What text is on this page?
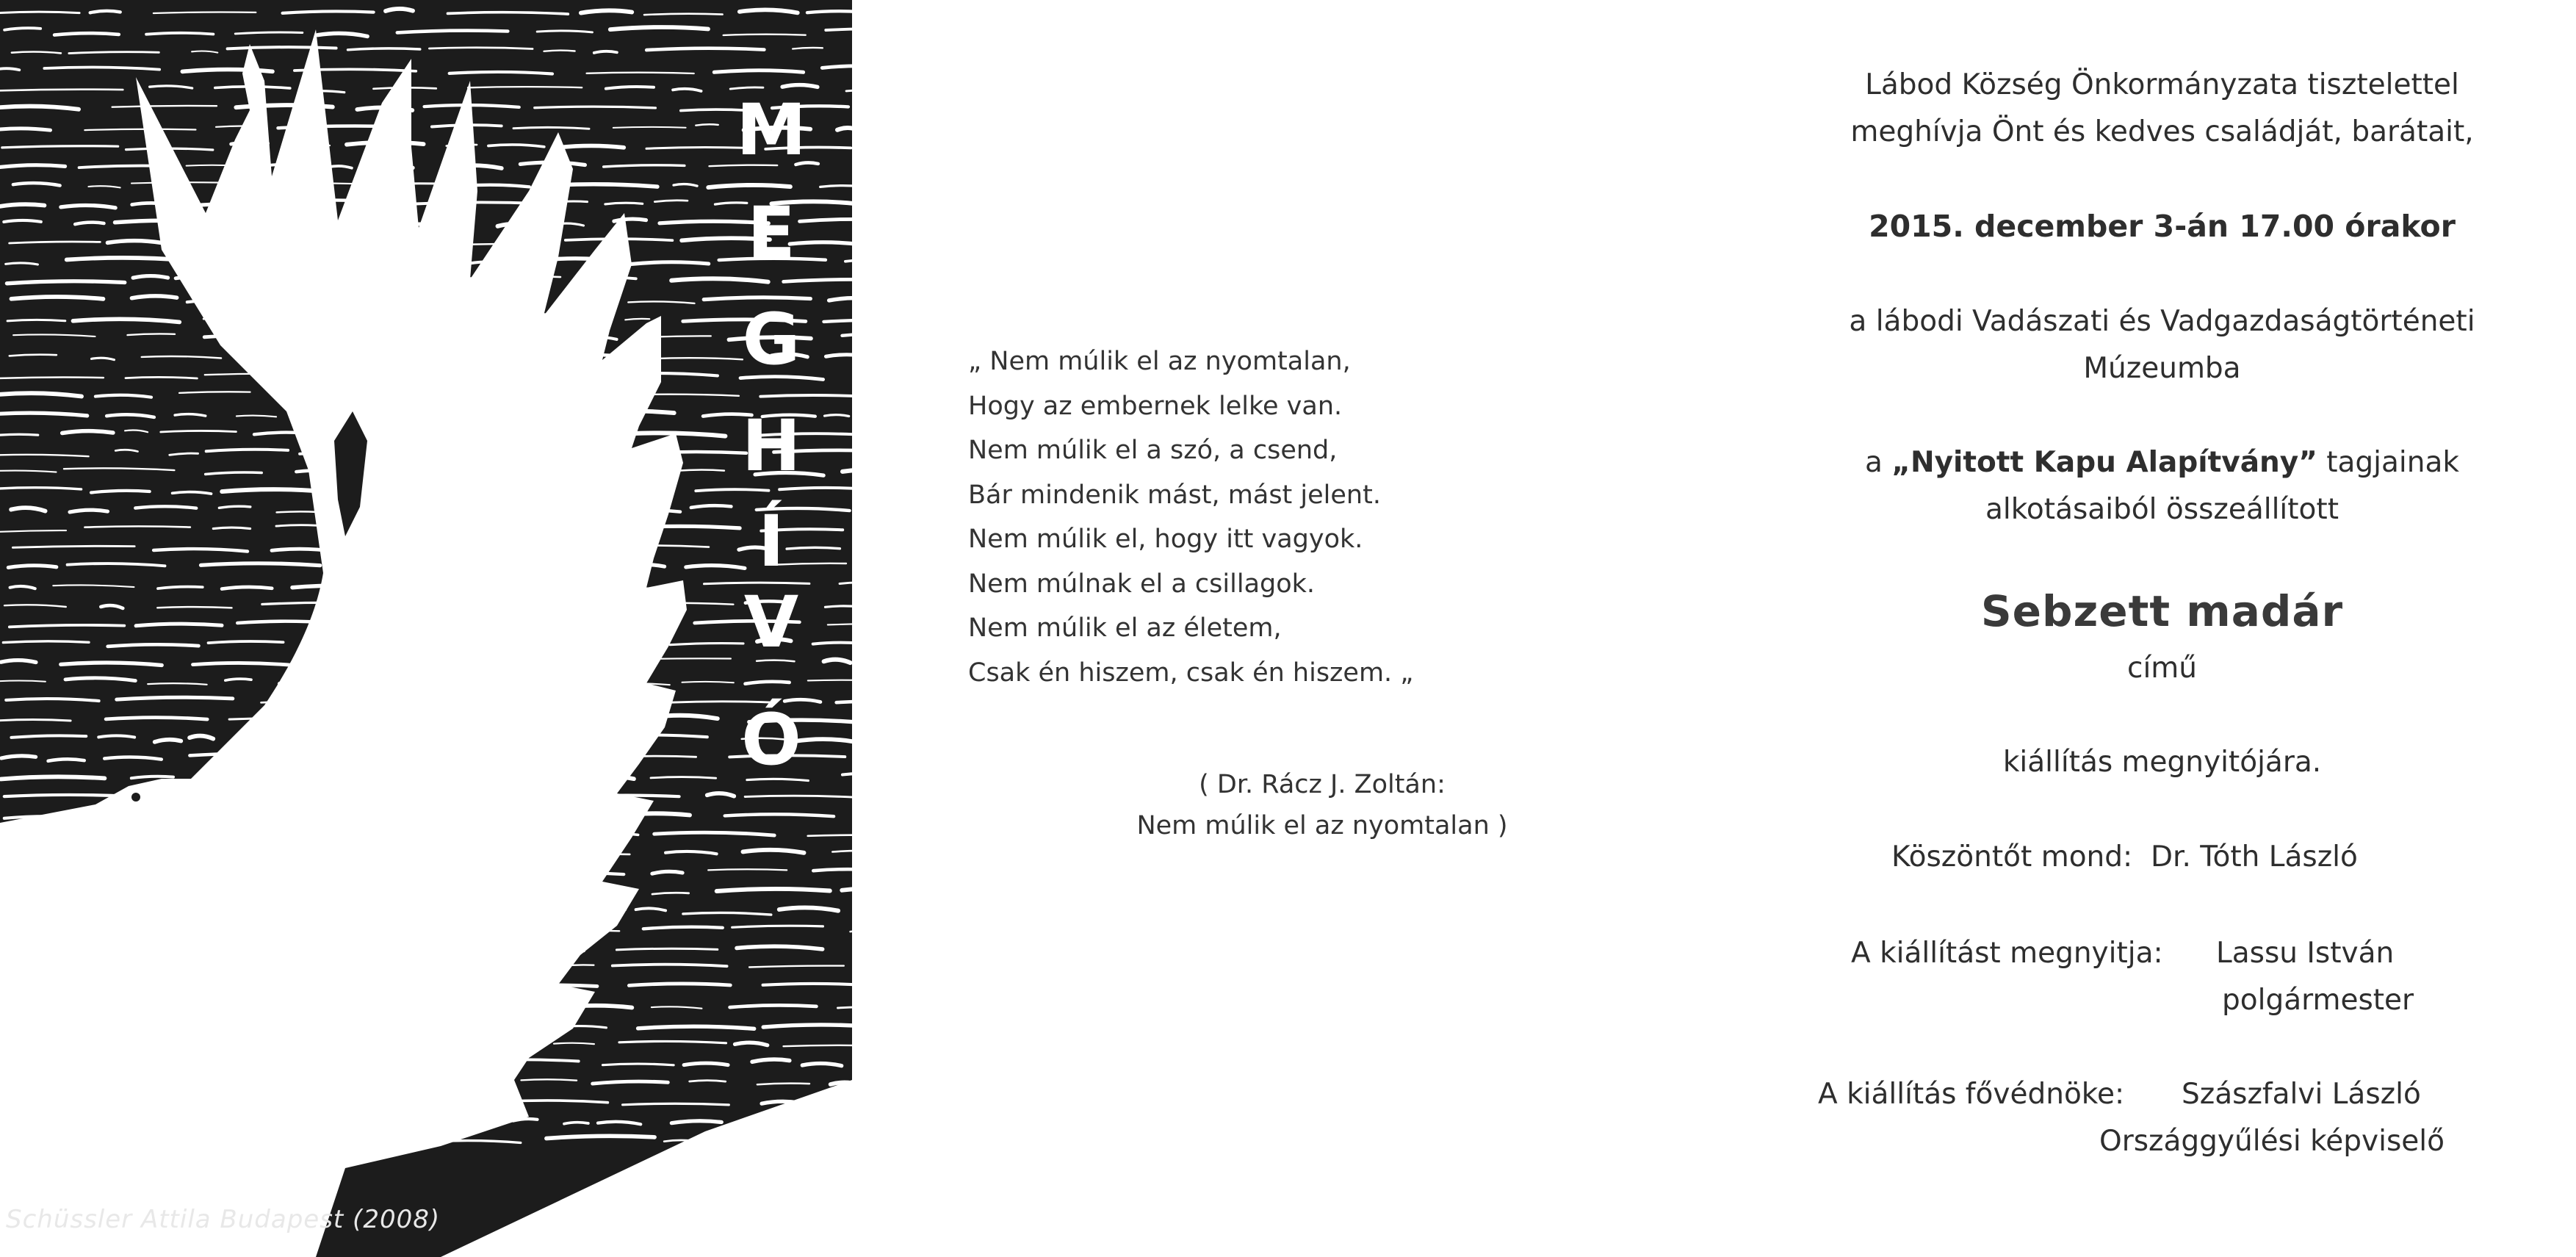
M
E
G
H
Í
V
Ó
Schüssler Attila Budapest (2008)
„ Nem múlik el az nyomtalan,
Hogy az embernek lelke van.
Nem múlik el a szó, a csend,
Bár mindenik mást, mást jelent.
Nem múlik el, hogy itt vagyok.
Nem múlnak el a csillagok.
Nem múlik el az életem,
Csak én hiszem, csak én hiszem. „
( Dr. Rácz J. Zoltán:
Nem múlik el az nyomtalan )
Lábod Község Önkormányzata tisztelettel
meghívja Önt és kedves családját, barátait,
2015. december 3-án 17.00 órakor
a lábodi Vadászati és Vadgazdaságtörténeti
Múzeumba
a „Nyitott Kapu Alapítvány” tagjainak
alkotásaiból összeállított
Sebzett madár
című
kiállítás megnyitójára.
Köszöntőt mond: Dr. Tóth László
A kiállítást megnyitja: Lassu István
polgármester
A kiállítás fővédnöke: Szászfalvi László
Országgyűlési képviselő
